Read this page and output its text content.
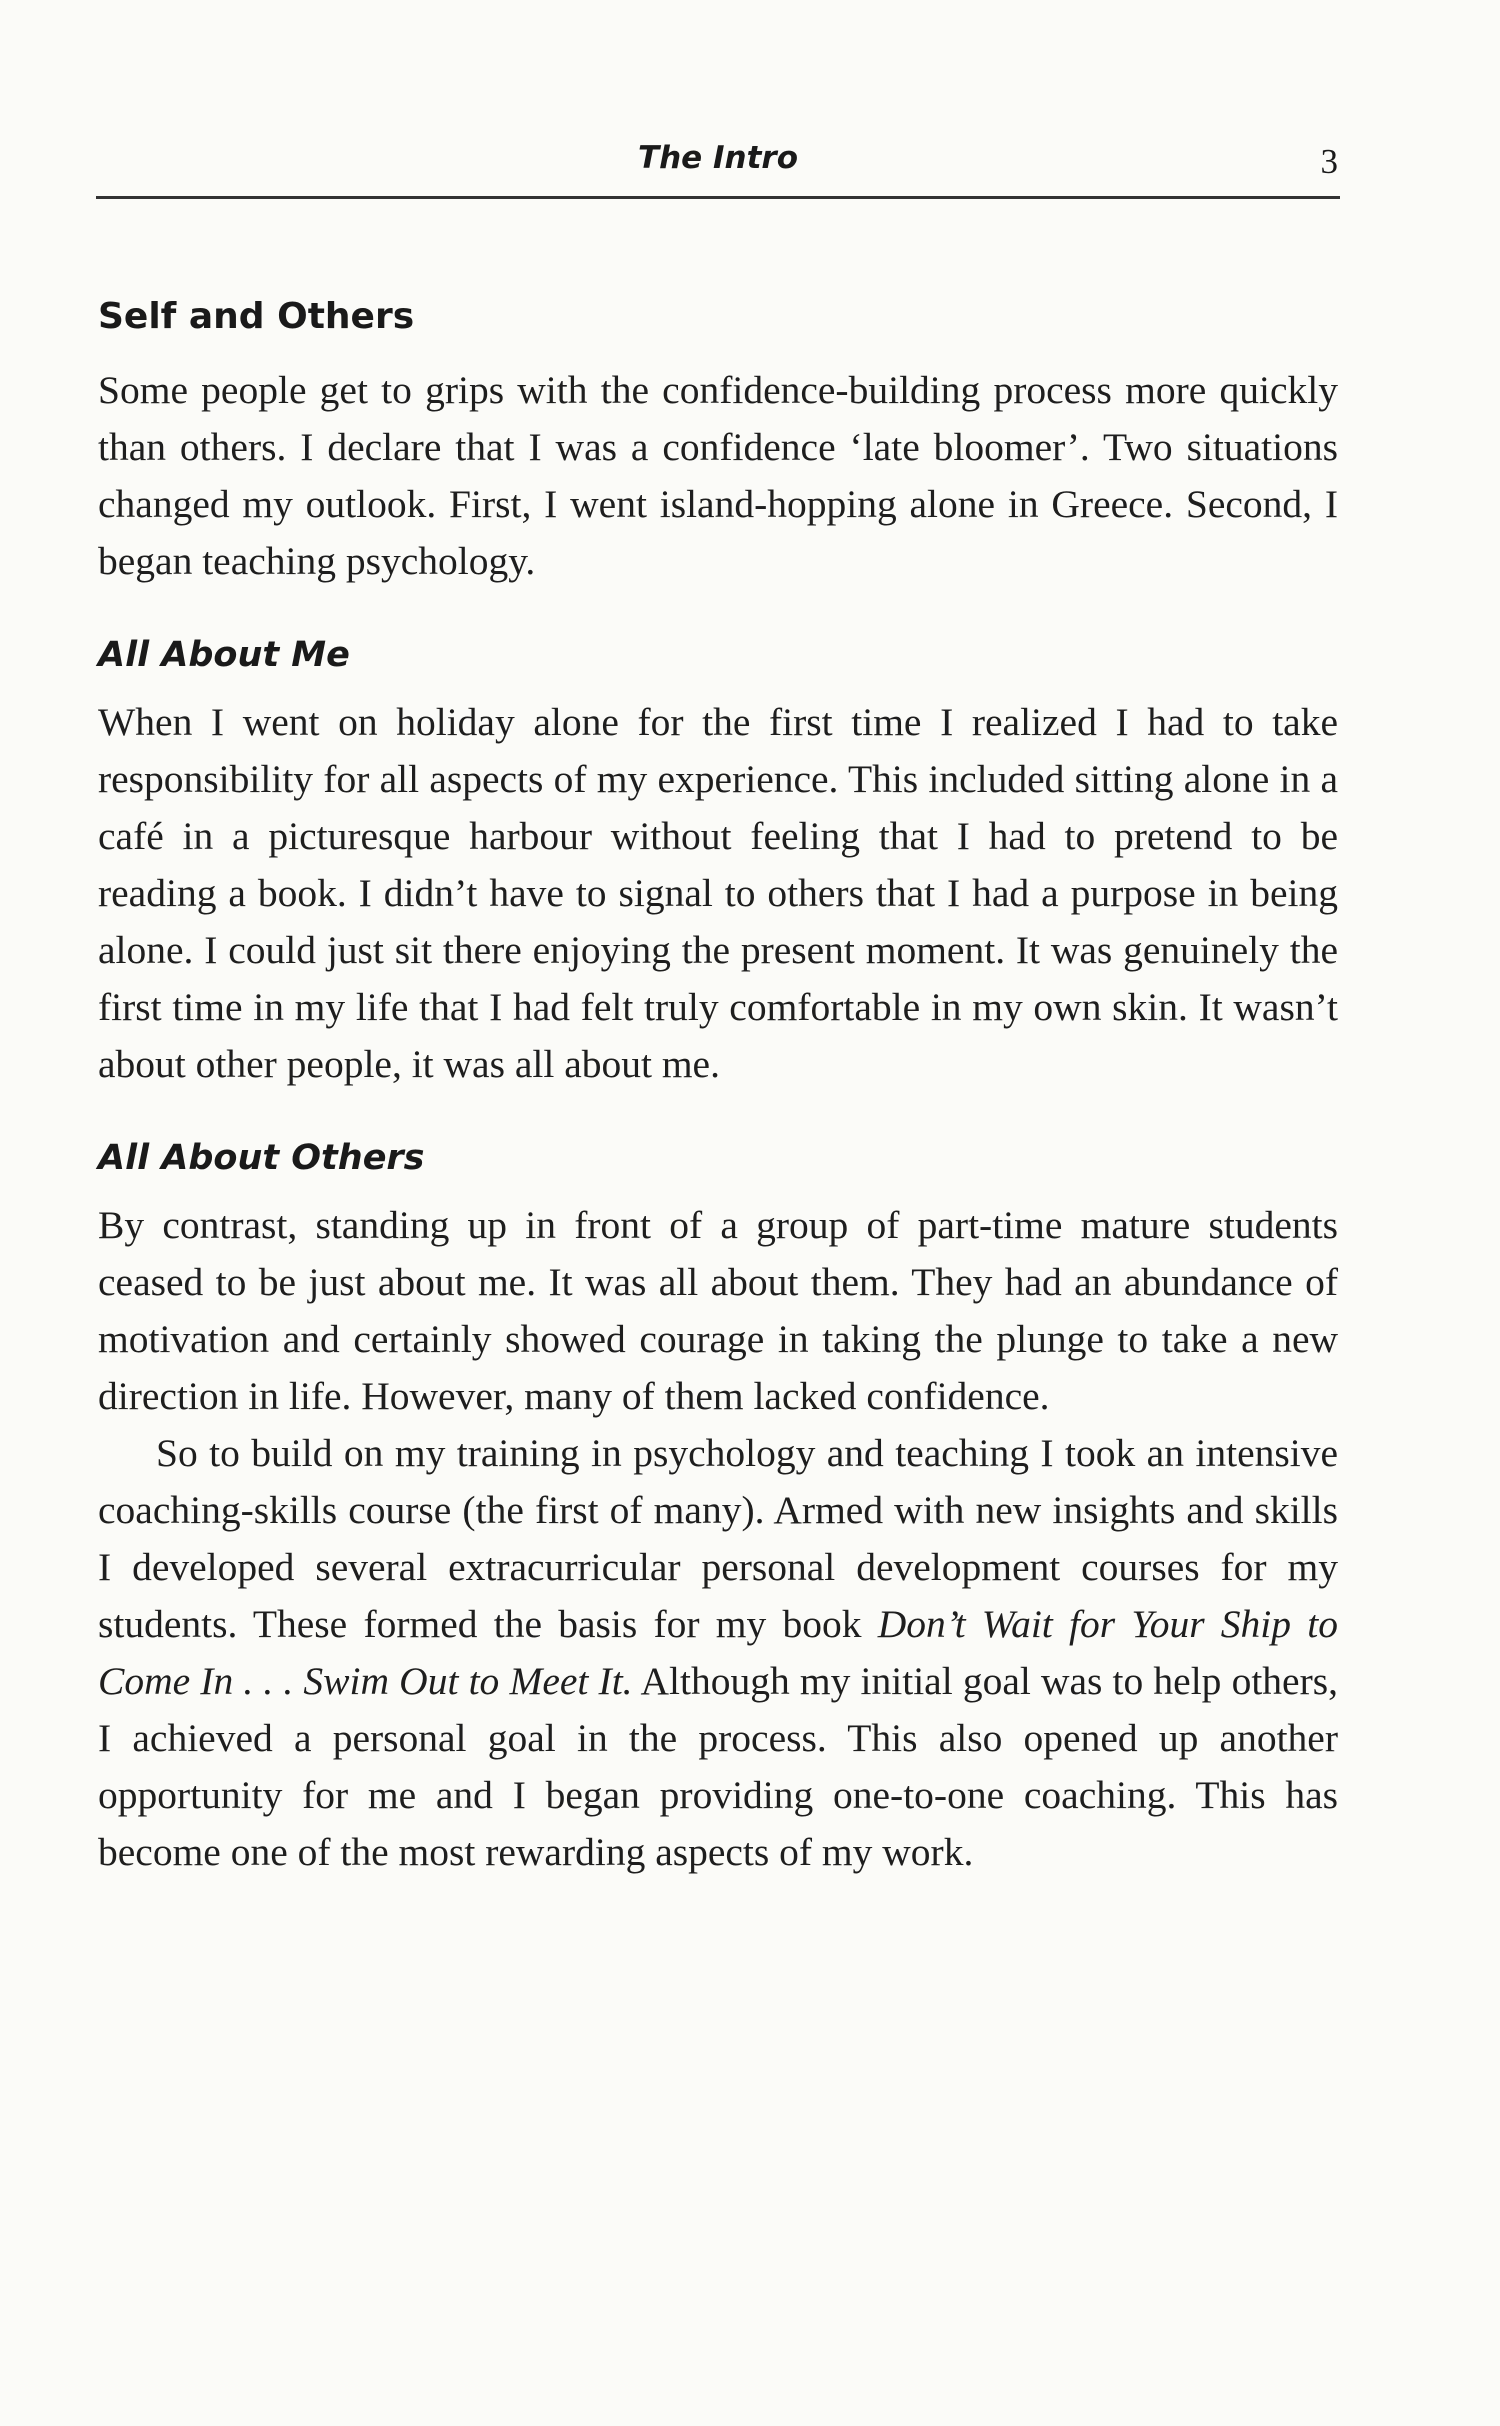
The Intro	3
Self and Others

Some people get to grips with the confidence-building process more quickly than others. I declare that I was a confidence ‘late bloomer’. Two situations changed my outlook. First, I went island-hopping alone in Greece. Second, I began teaching psychology.

All About Me

When I went on holiday alone for the first time I realized I had to take responsibility for all aspects of my experience. This included sitting alone in a café in a picturesque harbour without feeling that I had to pretend to be reading a book. I didn’t have to signal to others that I had a purpose in being alone. I could just sit there enjoying the present moment. It was genuinely the first time in my life that I had felt truly comfortable in my own skin. It wasn’t about other people, it was all about me.

All About Others

By contrast, standing up in front of a group of part-time mature students ceased to be just about me. It was all about them. They had an abundance of motivation and certainly showed courage in taking the plunge to take a new direction in life. However, many of them lacked confidence.

So to build on my training in psychology and teaching I took an intensive coaching-skills course (the first of many). Armed with new insights and skills I developed several extracurricular personal development courses for my students. These formed the basis for my book Don’t Wait for Your Ship to Come In . . . Swim Out to Meet It. Although my initial goal was to help others, I achieved a personal goal in the process. This also opened up another opportunity for me and I began providing one-to-one coaching. This has become one of the most rewarding aspects of my work.
